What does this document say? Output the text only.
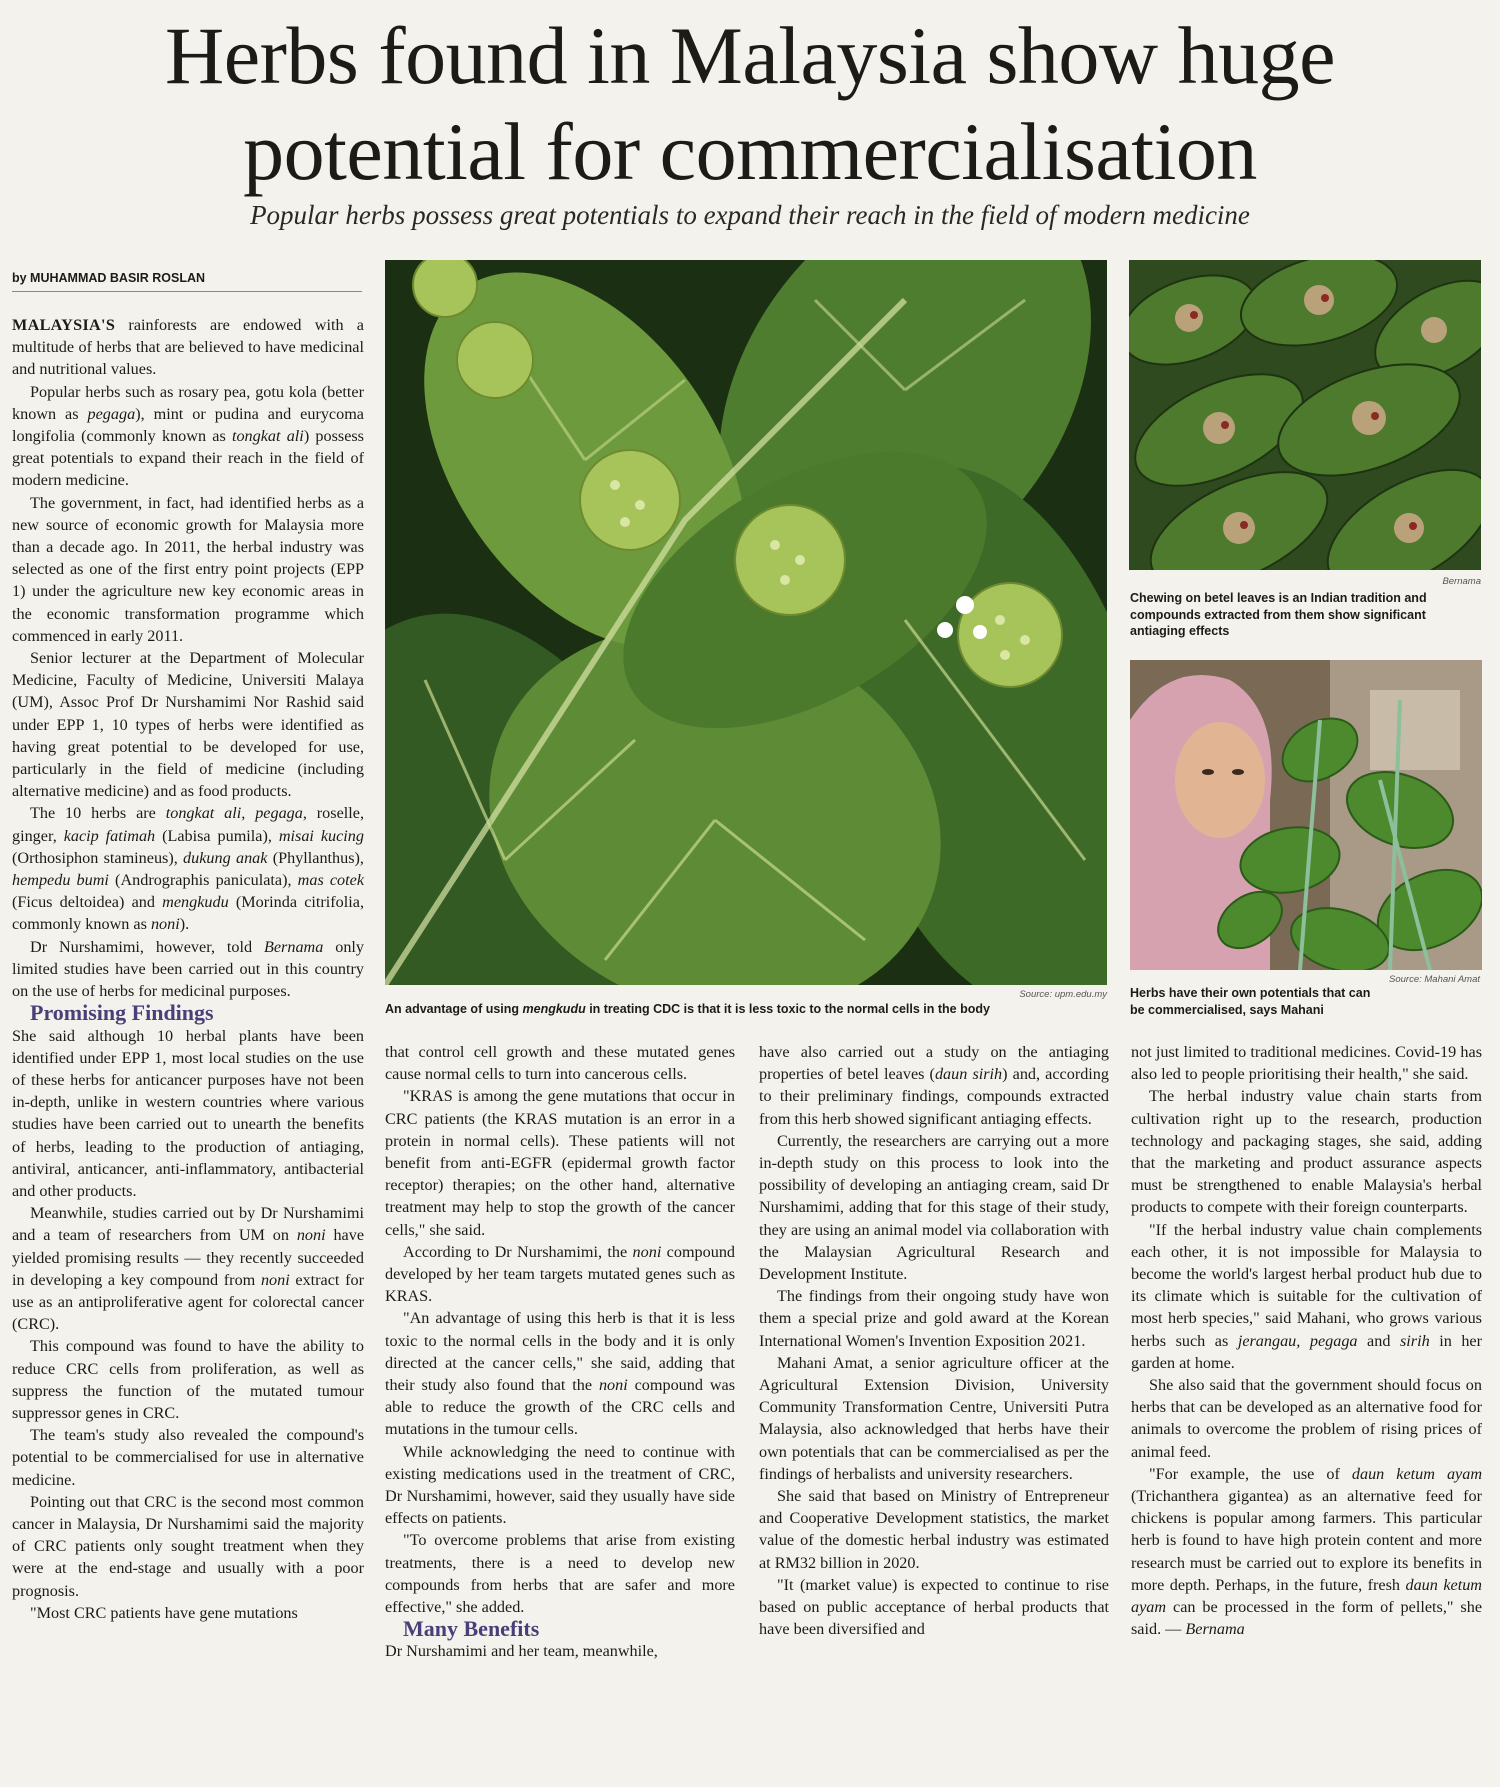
Herbs found in Malaysia show huge
potential for commercialisation

Popular herbs possess great potentials to expand their reach in the field of modern medicine

by MUHAMMAD BASIR ROSLAN

Source: upm.edu.my
An advantage of using mengkudu in treating CDC is that it is less toxic to the normal cells in the body
Bernama
Chewing on betel leaves is an Indian tradition and compounds extracted from them show significant antiaging effects
Source: Mahani Amat
Herbs have their own potentials that can be commercialised, says Mahani

MALAYSIA'S rainforests are endowed with a multitude of herbs that are believed to have medicinal and nutritional values.

Popular herbs such as rosary pea, gotu kola (better known as pegaga), mint or pudina and eurycoma longifolia (commonly known as tongkat ali) possess great potentials to expand their reach in the field of modern medicine.

The government, in fact, had identified herbs as a new source of economic growth for Malaysia more than a decade ago. In 2011, the herbal industry was selected as one of the first entry point projects (EPP 1) under the agriculture new key economic areas in the economic transformation programme which commenced in early 2011.

Senior lecturer at the Department of Molecular Medicine, Faculty of Medicine, Universiti Malaya (UM), Assoc Prof Dr Nurshamimi Nor Rashid said under EPP 1, 10 types of herbs were identified as having great potential to be developed for use, particularly in the field of medicine (including alternative medicine) and as food products.

The 10 herbs are tongkat ali, pegaga, roselle, ginger, kacip fatimah (Labisa pumila), misai kucing (Orthosiphon stamineus), dukung anak (Phyllanthus), hempedu bumi (Andrographis paniculata), mas cotek (Ficus deltoidea) and mengkudu (Morinda citrifolia, commonly known as noni).

Dr Nurshamimi, however, told Bernama only limited studies have been carried out in this country on the use of herbs for medicinal purposes.

Promising Findings

She said although 10 herbal plants have been identified under EPP 1, most local studies on the use of these herbs for anticancer purposes have not been in-depth, unlike in western countries where various studies have been carried out to unearth the benefits of herbs, leading to the production of antiaging, antiviral, anticancer, anti-inflammatory, antibacterial and other products.

Meanwhile, studies carried out by Dr Nurshamimi and a team of researchers from UM on noni have yielded promising results — they recently succeeded in developing a key compound from noni extract for use as an antiproliferative agent for colorectal cancer (CRC).

This compound was found to have the ability to reduce CRC cells from proliferation, as well as suppress the function of the mutated tumour suppressor genes in CRC.

The team's study also revealed the compound's potential to be commercialised for use in alternative medicine.

Pointing out that CRC is the second most common cancer in Malaysia, Dr Nurshamimi said the majority of CRC patients only sought treatment when they were at the end-stage and usually with a poor prognosis.

"Most CRC patients have gene mutations

that control cell growth and these mutated genes cause normal cells to turn into cancerous cells.

"KRAS is among the gene mutations that occur in CRC patients (the KRAS mutation is an error in a protein in normal cells). These patients will not benefit from anti-EGFR (epidermal growth factor receptor) therapies; on the other hand, alternative treatment may help to stop the growth of the cancer cells," she said.

According to Dr Nurshamimi, the noni compound developed by her team targets mutated genes such as KRAS.

"An advantage of using this herb is that it is less toxic to the normal cells in the body and it is only directed at the cancer cells," she said, adding that their study also found that the noni compound was able to reduce the growth of the CRC cells and mutations in the tumour cells.

While acknowledging the need to continue with existing medications used in the treatment of CRC, Dr Nurshamimi, however, said they usually have side effects on patients.

"To overcome problems that arise from existing treatments, there is a need to develop new compounds from herbs that are safer and more effective," she added.

Many Benefits

Dr Nurshamimi and her team, meanwhile,

have also carried out a study on the antiaging properties of betel leaves (daun sirih) and, according to their preliminary findings, compounds extracted from this herb showed significant antiaging effects.

Currently, the researchers are carrying out a more in-depth study on this process to look into the possibility of developing an antiaging cream, said Dr Nurshamimi, adding that for this stage of their study, they are using an animal model via collaboration with the Malaysian Agricultural Research and Development Institute.

The findings from their ongoing study have won them a special prize and gold award at the Korean International Women's Invention Exposition 2021.

Mahani Amat, a senior agriculture officer at the Agricultural Extension Division, University Community Transformation Centre, Universiti Putra Malaysia, also acknowledged that herbs have their own potentials that can be commercialised as per the findings of herbalists and university researchers.

She said that based on Ministry of Entrepreneur and Cooperative Development statistics, the market value of the domestic herbal industry was estimated at RM32 billion in 2020.

"It (market value) is expected to continue to rise based on public acceptance of herbal products that have been diversified and

not just limited to traditional medicines. Covid-19 has also led to people prioritising their health," she said.

The herbal industry value chain starts from cultivation right up to the research, production technology and packaging stages, she said, adding that the marketing and product assurance aspects must be strengthened to enable Malaysia's herbal products to compete with their foreign counterparts.

"If the herbal industry value chain complements each other, it is not impossible for Malaysia to become the world's largest herbal product hub due to its climate which is suitable for the cultivation of most herb species," said Mahani, who grows various herbs such as jerangau, pegaga and sirih in her garden at home.

She also said that the government should focus on herbs that can be developed as an alternative food for animals to overcome the problem of rising prices of animal feed.

"For example, the use of daun ketum ayam (Trichanthera gigantea) as an alternative feed for chickens is popular among farmers. This particular herb is found to have high protein content and more research must be carried out to explore its benefits in more depth. Perhaps, in the future, fresh daun ketum ayam can be processed in the form of pellets," she said. — Bernama
